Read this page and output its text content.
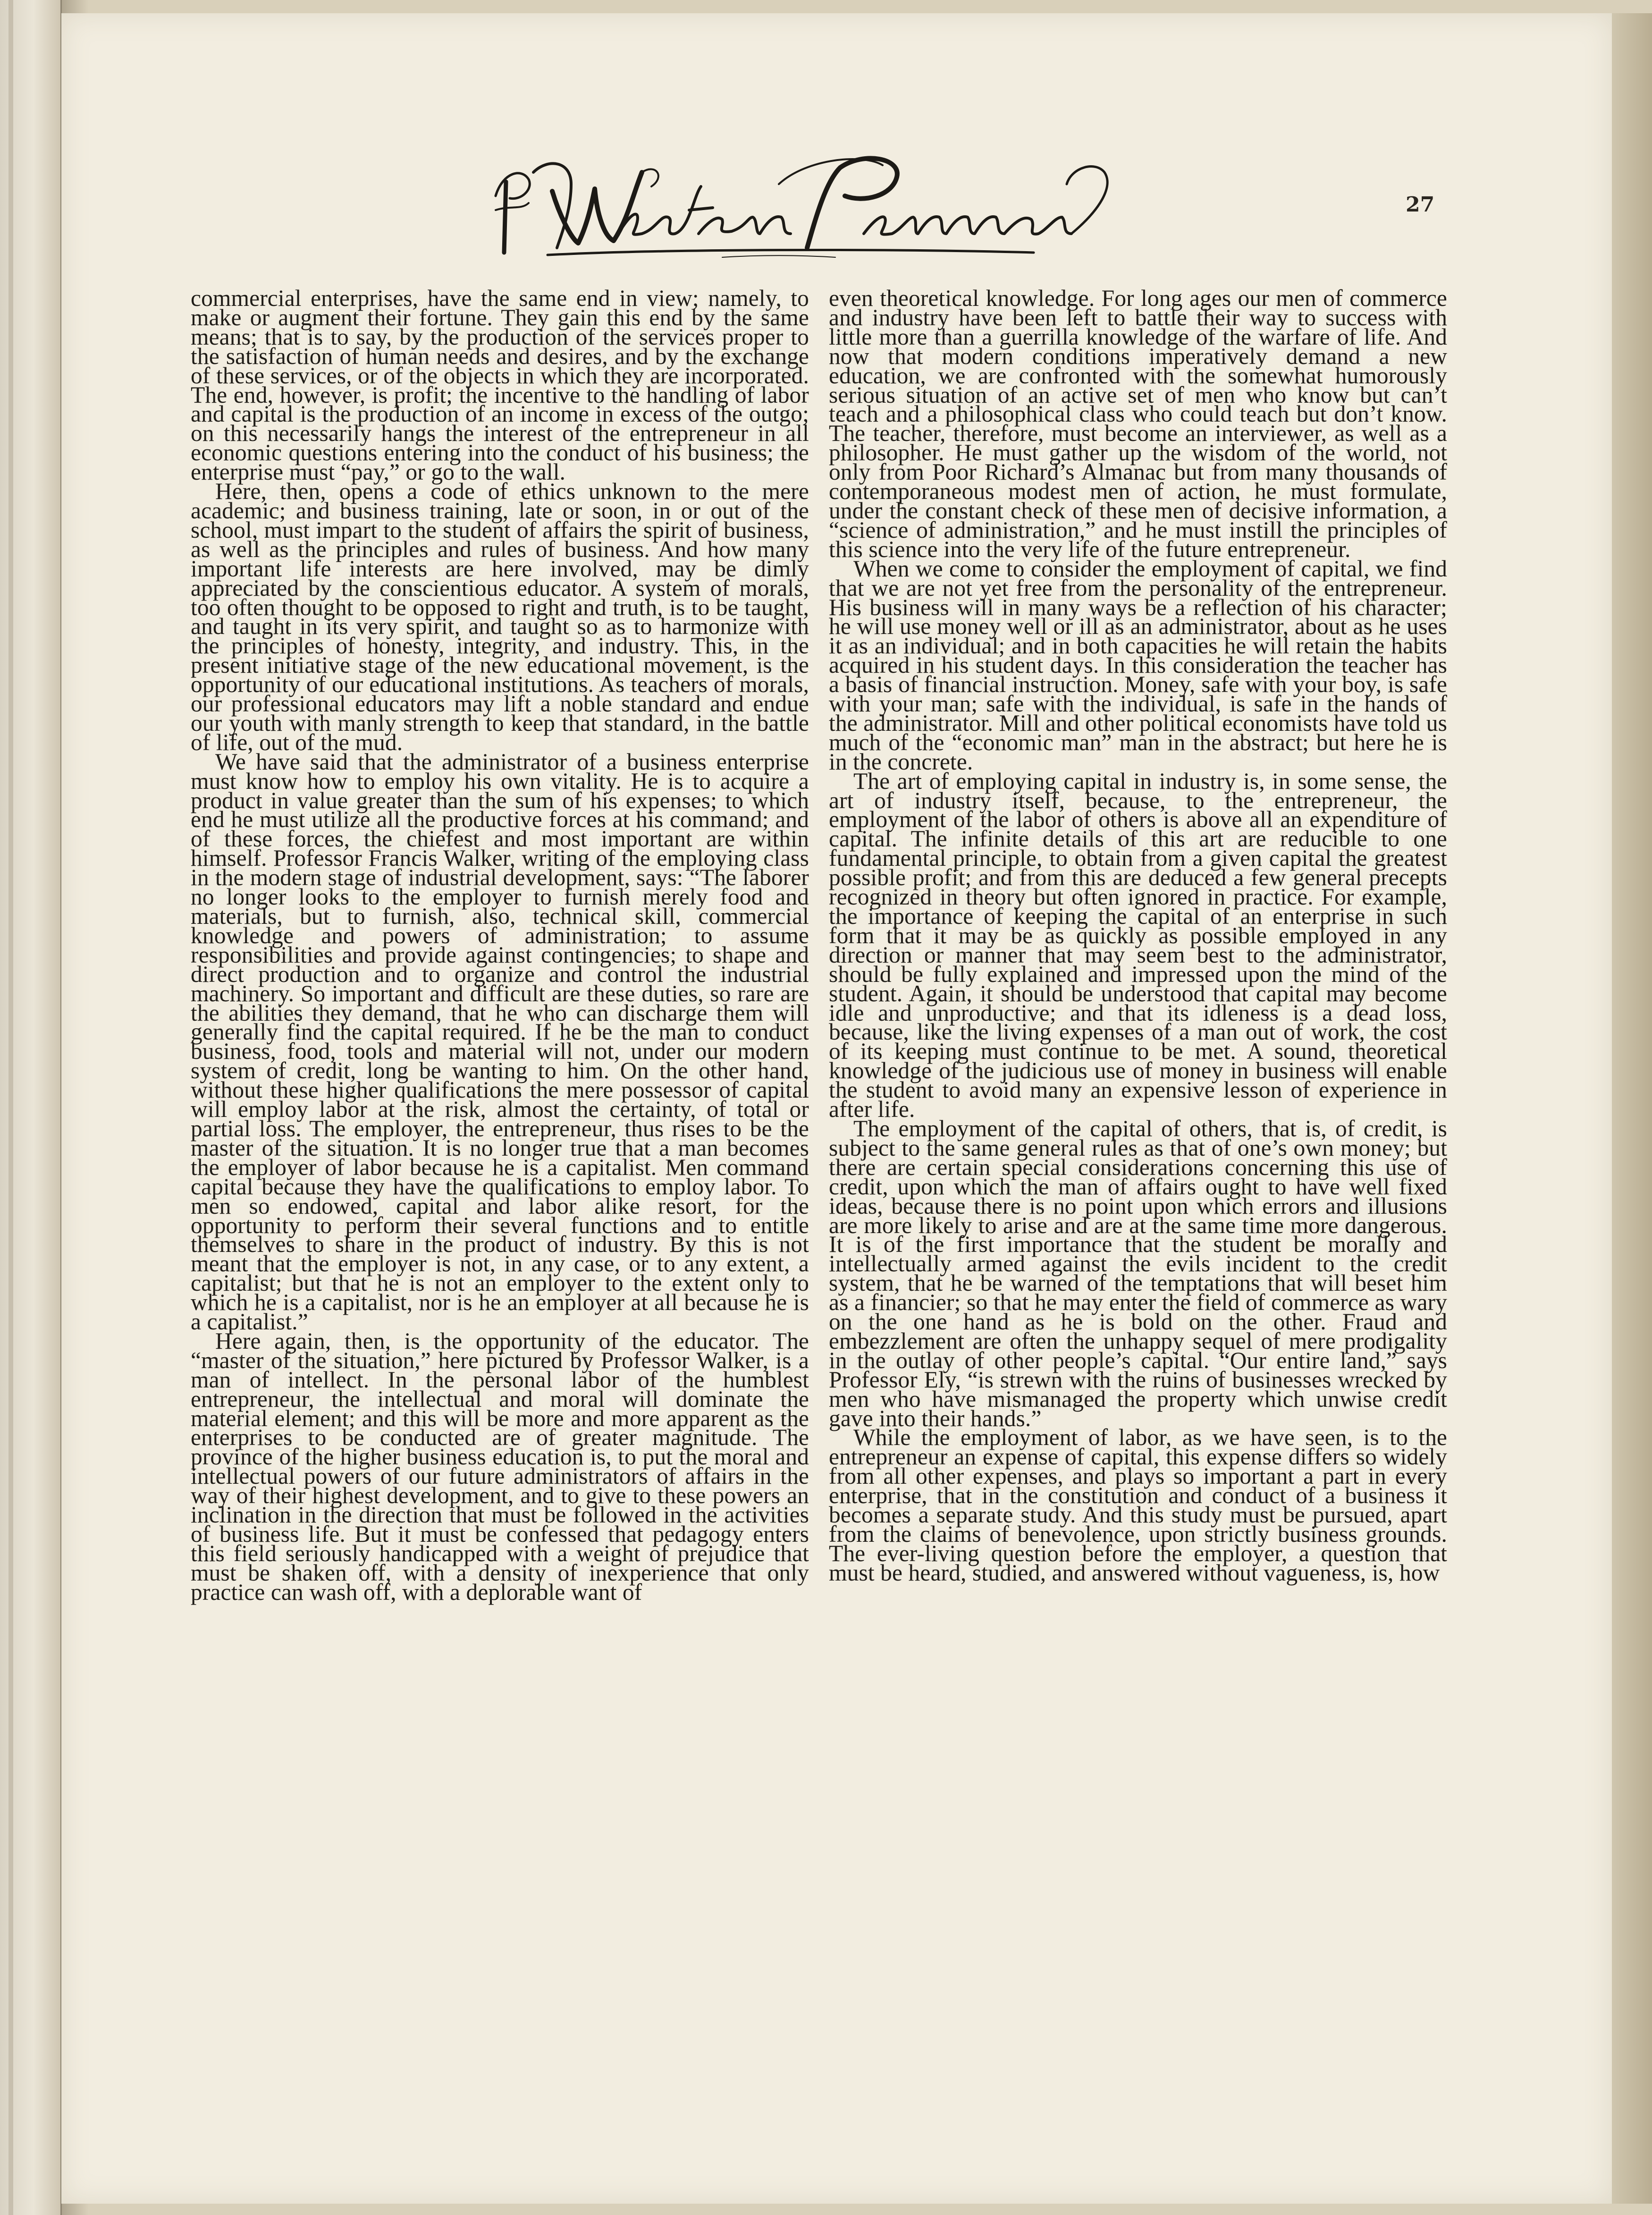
27

commercial enterprises, have the same end in view; namely, to make or augment their fortune. They gain this end by the same means; that is to say, by the production of the services proper to the satisfaction of human needs and desires, and by the exchange of these services, or of the objects in which they are incorporated. The end, however, is profit; the incentive to the handling of labor and capital is the production of an income in excess of the outgo; on this necessarily hangs the interest of the entrepreneur in all economic questions entering into the conduct of his business; the enterprise must “pay,” or go to the wall.

Here, then, opens a code of ethics unknown to the mere academic; and business training, late or soon, in or out of the school, must impart to the student of affairs the spirit of business, as well as the principles and rules of business. And how many important life interests are here involved, may be dimly appreciated by the conscientious educator. A system of morals, too often thought to be opposed to right and truth, is to be taught, and taught in its very spirit, and taught so as to harmonize with the principles of honesty, integrity, and industry. This, in the present initiative stage of the new educational movement, is the opportunity of our educational institutions. As teachers of morals, our professional educators may lift a noble standard and endue our youth with manly strength to keep that standard, in the battle of life, out of the mud.

We have said that the administrator of a business enterprise must know how to employ his own vitality. He is to acquire a product in value greater than the sum of his expenses; to which end he must utilize all the productive forces at his command; and of these forces, the chiefest and most important are within himself. Professor Francis Walker, writing of the employing class in the modern stage of industrial development, says: “The laborer no longer looks to the employer to furnish merely food and materials, but to furnish, also, technical skill, commercial knowledge and powers of administration; to assume responsibilities and provide against contingencies; to shape and direct production and to organize and control the industrial machinery. So important and difficult are these duties, so rare are the abilities they demand, that he who can discharge them will generally find the capital required. If he be the man to conduct business, food, tools and material will not, under our modern system of credit, long be wanting to him. On the other hand, without these higher qualifications the mere possessor of capital will employ labor at the risk, almost the certainty, of total or partial loss. The employer, the entrepreneur, thus rises to be the master of the situation. It is no longer true that a man becomes the employer of labor because he is a capitalist. Men command capital because they have the qualifications to employ labor. To men so endowed, capital and labor alike resort, for the opportunity to perform their several functions and to entitle themselves to share in the product of industry. By this is not meant that the employer is not, in any case, or to any extent, a capitalist; but that he is not an employer to the extent only to which he is a capitalist, nor is he an employer at all because he is a capitalist.”

Here again, then, is the opportunity of the educator. The “master of the situation,” here pictured by Professor Walker, is a man of intellect. In the personal labor of the humblest entrepreneur, the intellectual and moral will dominate the material element; and this will be more and more apparent as the enterprises to be conducted are of greater magnitude. The province of the higher business education is, to put the moral and intellectual powers of our future administrators of affairs in the way of their highest development, and to give to these powers an inclination in the direction that must be followed in the activities of business life. But it must be confessed that pedagogy enters this field seriously handicapped with a weight of prejudice that must be shaken off, with a density of inexperience that only practice can wash off, with a deplorable want of

even theoretical knowledge. For long ages our men of commerce and industry have been left to battle their way to success with little more than a guerrilla knowledge of the warfare of life. And now that modern conditions imperatively demand a new education, we are confronted with the somewhat humorously serious situation of an active set of men who know but can’t teach and a philosophical class who could teach but don’t know. The teacher, therefore, must become an interviewer, as well as a philosopher. He must gather up the wisdom of the world, not only from Poor Richard’s Almanac but from many thousands of contemporaneous modest men of action, he must formulate, under the constant check of these men of decisive information, a “science of administration,” and he must instill the principles of this science into the very life of the future entrepreneur.

When we come to consider the employment of capital, we find that we are not yet free from the personality of the entrepreneur. His business will in many ways be a reflection of his character; he will use money well or ill as an administrator, about as he uses it as an individual; and in both capacities he will retain the habits acquired in his student days. In this consideration the teacher has a basis of financial instruction. Money, safe with your boy, is safe with your man; safe with the individual, is safe in the hands of the administrator. Mill and other political economists have told us much of the “economic man” man in the abstract; but here he is in the concrete.

The art of employing capital in industry is, in some sense, the art of industry itself, because, to the entrepreneur, the employment of the labor of others is above all an expenditure of capital. The infinite details of this art are reducible to one fundamental principle, to obtain from a given capital the greatest possible profit; and from this are deduced a few general precepts recognized in theory but often ignored in practice. For example, the importance of keeping the capital of an enterprise in such form that it may be as quickly as possible employed in any direction or manner that may seem best to the administrator, should be fully explained and impressed upon the mind of the student. Again, it should be understood that capital may become idle and unproductive; and that its idleness is a dead loss, because, like the living expenses of a man out of work, the cost of its keeping must continue to be met. A sound, theoretical knowledge of the judicious use of money in business will enable the student to avoid many an expensive lesson of experience in after life.

The employment of the capital of others, that is, of credit, is subject to the same general rules as that of one’s own money; but there are certain special considerations concerning this use of credit, upon which the man of affairs ought to have well fixed ideas, because there is no point upon which errors and illusions are more likely to arise and are at the same time more dangerous. It is of the first importance that the student be morally and intellectually armed against the evils incident to the credit system, that he be warned of the temptations that will beset him as a financier; so that he may enter the field of commerce as wary on the one hand as he is bold on the other. Fraud and embezzlement are often the unhappy sequel of mere prodigality in the outlay of other people’s capital. “Our entire land,” says Professor Ely, “is strewn with the ruins of businesses wrecked by men who have mismanaged the property which unwise credit gave into their hands.”

While the employment of labor, as we have seen, is to the entrepreneur an expense of capital, this expense differs so widely from all other expenses, and plays so important a part in every enterprise, that in the constitution and conduct of a business it becomes a separate study. And this study must be pursued, apart from the claims of benevolence, upon strictly business grounds. The ever-living question before the employer, a question that must be heard, studied, and answered without vagueness, is, how
